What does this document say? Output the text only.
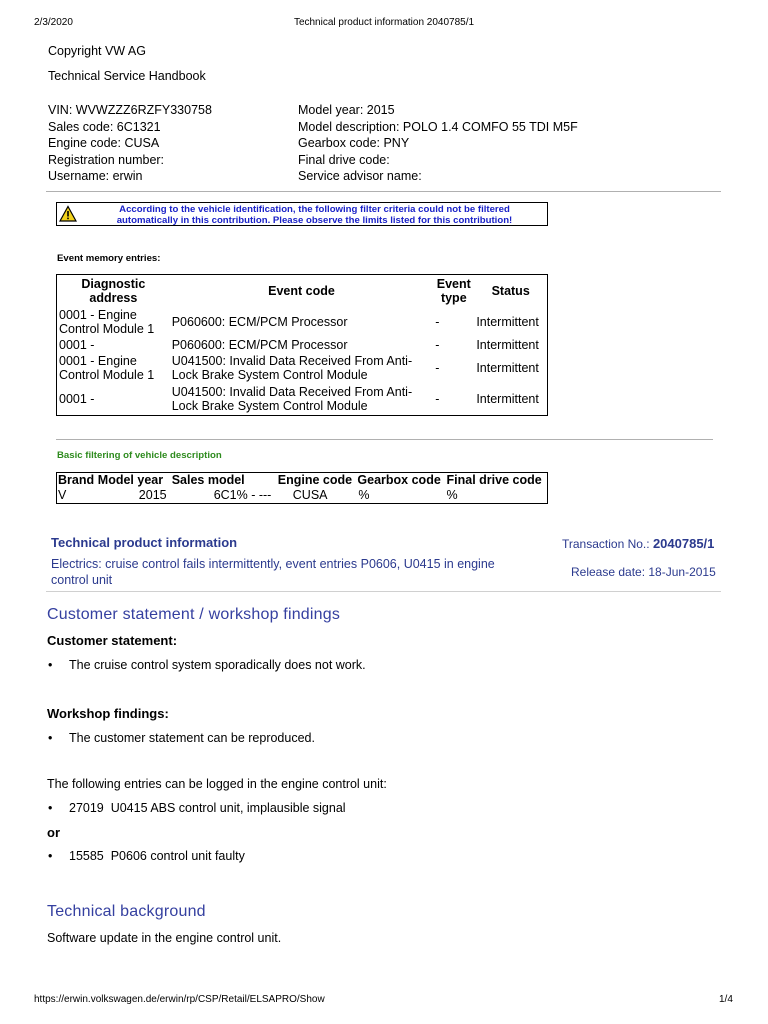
2/3/2020	Technical product information 2040785/1
Copyright VW AG
Technical Service Handbook
VIN: WVWZZZ6RZFY330758
Sales code: 6C1321
Engine code: CUSA
Registration number:
Username: erwin
Model year: 2015
Model description: POLO 1.4 COMFO 55 TDI M5F
Gearbox code: PNY
Final drive code:
Service advisor name:
According to the vehicle identification, the following filter criteria could not be filtered
automatically in this contribution. Please observe the limits listed for this contribution!
Event memory entries:
Diagnostic
address	Event code	Event
type	Status
0001 - Engine
Control Module 1	P060600: ECM/PCM Processor	-	Intermittent
0001 -	P060600: ECM/PCM Processor	-	Intermittent
0001 - Engine
Control Module 1	U041500: Invalid Data Received From Anti-
Lock Brake System Control Module	-	Intermittent
0001 -	U041500: Invalid Data Received From Anti-
Lock Brake System Control Module	-	Intermittent
Basic filtering of vehicle description
Brand	Model year	Sales model	Engine code	Gearbox code	Final drive code
V	2015	6C1% - ---	CUSA	%	%
Technical product information	Transaction No.: 2040785/1
Electrics: cruise control fails intermittently, event entries P0606, U0415 in engine
control unit
Release date: 18-Jun-2015
Customer statement / workshop findings
Customer statement:
• The cruise control system sporadically does not work.
Workshop findings:
• The customer statement can be reproduced.
The following entries can be logged in the engine control unit:
• 27019  U0415 ABS control unit, implausible signal
or
• 15585  P0606 control unit faulty
Technical background
Software update in the engine control unit.
https://erwin.volkswagen.de/erwin/rp/CSP/Retail/ELSAPRO/Show	1/4
